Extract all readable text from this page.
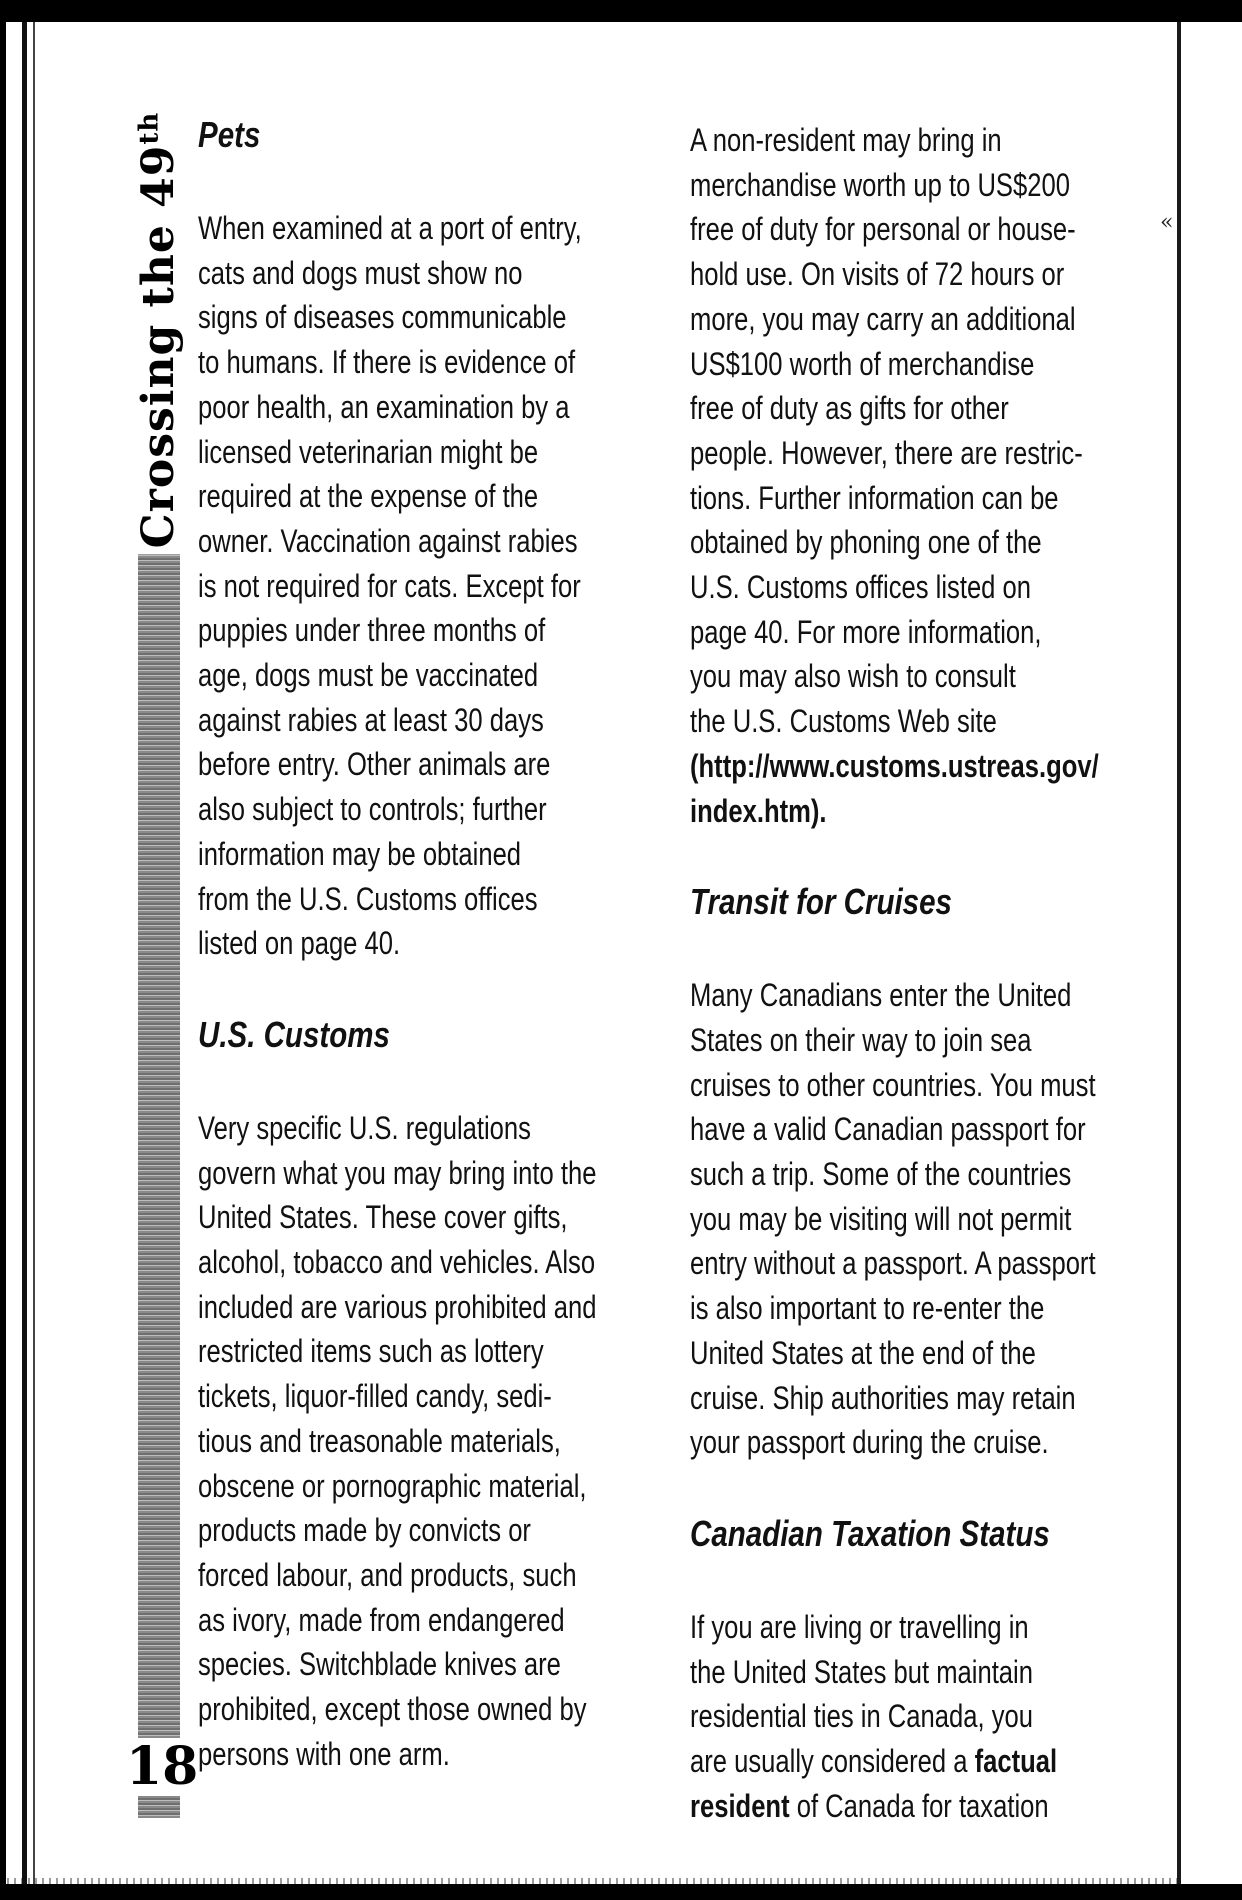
«
Crossing the 49th
18
Pets

When examined at a port of entry,
cats and dogs must show no
signs of diseases communicable
to humans. If there is evidence of
poor health, an examination by a
licensed veterinarian might be
required at the expense of the
owner. Vaccination against rabies
is not required for cats. Except for
puppies under three months of
age, dogs must be vaccinated
against rabies at least 30 days
before entry. Other animals are
also subject to controls; further
information may be obtained
from the U.S. Customs offices
listed on page 40.

U.S. Customs

Very specific U.S. regulations
govern what you may bring into the
United States. These cover gifts,
alcohol, tobacco and vehicles. Also
included are various prohibited and
restricted items such as lottery
tickets, liquor-filled candy, sedi-
tious and treasonable materials,
obscene or pornographic material,
products made by convicts or
forced labour, and products, such
as ivory, made from endangered
species. Switchblade knives are
prohibited, except those owned by
persons with one arm.

A non-resident may bring in
merchandise worth up to US$200
free of duty for personal or house-
hold use. On visits of 72 hours or
more, you may carry an additional
US$100 worth of merchandise
free of duty as gifts for other
people. However, there are restric-
tions. Further information can be
obtained by phoning one of the
U.S. Customs offices listed on
page 40. For more information,
you may also wish to consult
the U.S. Customs Web site

(http://www.customs.ustreas.gov/
index.htm).

Transit for Cruises

Many Canadians enter the United
States on their way to join sea
cruises to other countries. You must
have a valid Canadian passport for
such a trip. Some of the countries
you may be visiting will not permit
entry without a passport. A passport
is also important to re-enter the
United States at the end of the
cruise. Ship authorities may retain
your passport during the cruise.

Canadian Taxation Status

If you are living or travelling in
the United States but maintain
residential ties in Canada, you

are usually considered a factual
resident of Canada for taxation
